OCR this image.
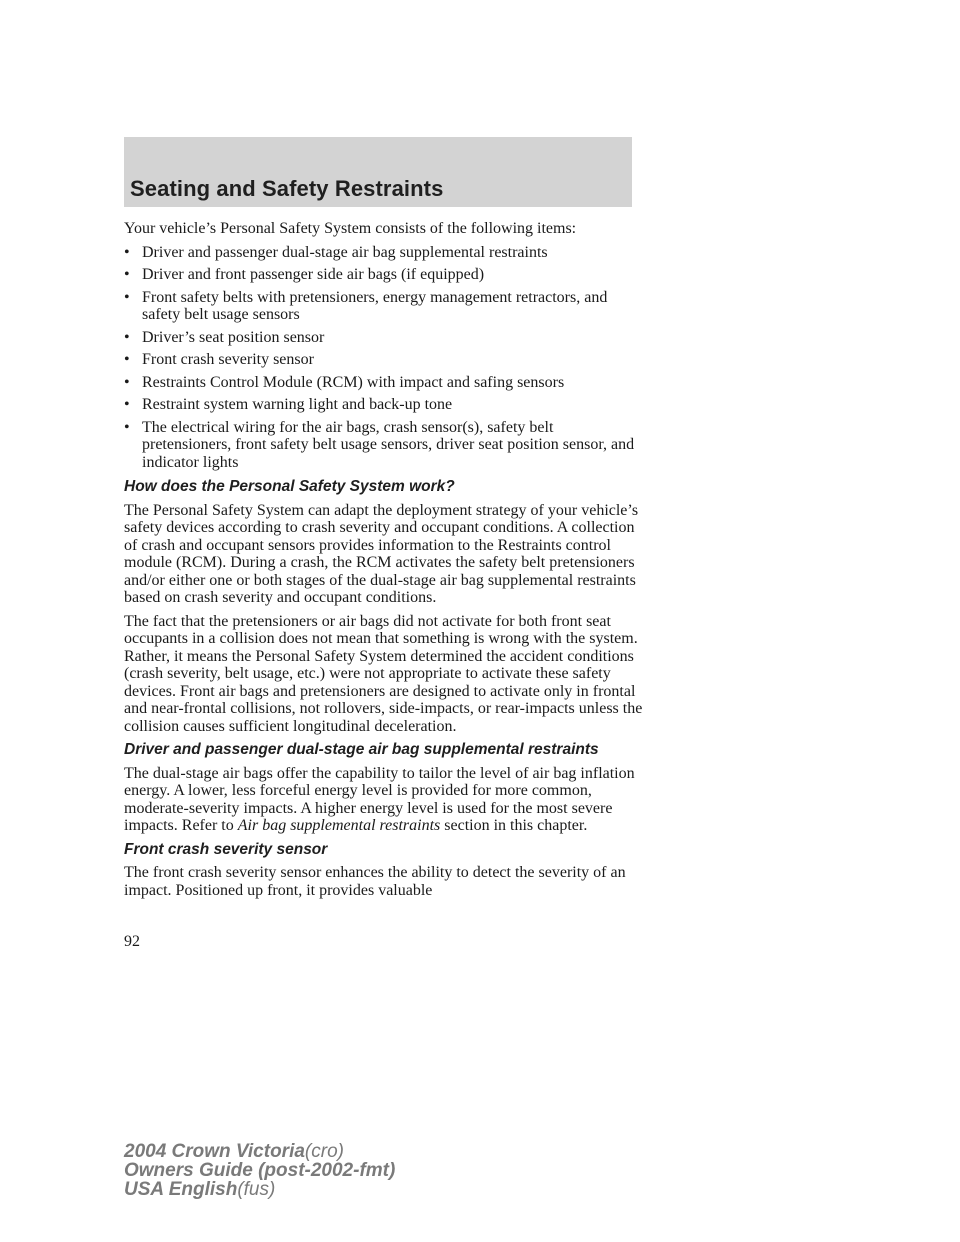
Seating and Safety Restraints

Your vehicle’s Personal Safety System consists of the following items:

• Driver and passenger dual-stage air bag supplemental restraints
• Driver and front passenger side air bags (if equipped)
• Front safety belts with pretensioners, energy management retractors, and safety belt usage sensors
• Driver’s seat position sensor
• Front crash severity sensor
• Restraints Control Module (RCM) with impact and safing sensors
• Restraint system warning light and back-up tone
• The electrical wiring for the air bags, crash sensor(s), safety belt pretensioners, front safety belt usage sensors, driver seat position sensor, and indicator lights
How does the Personal Safety System work?

The Personal Safety System can adapt the deployment strategy of your vehicle’s safety devices according to crash severity and occupant conditions. A collection of crash and occupant sensors provides information to the Restraints control module (RCM). During a crash, the RCM activates the safety belt pretensioners and/or either one or both stages of the dual-stage air bag supplemental restraints based on crash severity and occupant conditions.

The fact that the pretensioners or air bags did not activate for both front seat occupants in a collision does not mean that something is wrong with the system. Rather, it means the Personal Safety System determined the accident conditions (crash severity, belt usage, etc.) were not appropriate to activate these safety devices. Front air bags and pretensioners are designed to activate only in frontal and near-frontal collisions, not rollovers, side-impacts, or rear-impacts unless the collision causes sufficient longitudinal deceleration.

Driver and passenger dual-stage air bag supplemental restraints

The dual-stage air bags offer the capability to tailor the level of air bag inflation energy. A lower, less forceful energy level is provided for more common, moderate-severity impacts. A higher energy level is used for the most severe impacts. Refer to Air bag supplemental restraints section in this chapter.

Front crash severity sensor

The front crash severity sensor enhances the ability to detect the severity of an impact. Positioned up front, it provides valuable

92
2004 Crown Victoria(cro)
Owners Guide (post-2002-fmt)
USA English(fus)
